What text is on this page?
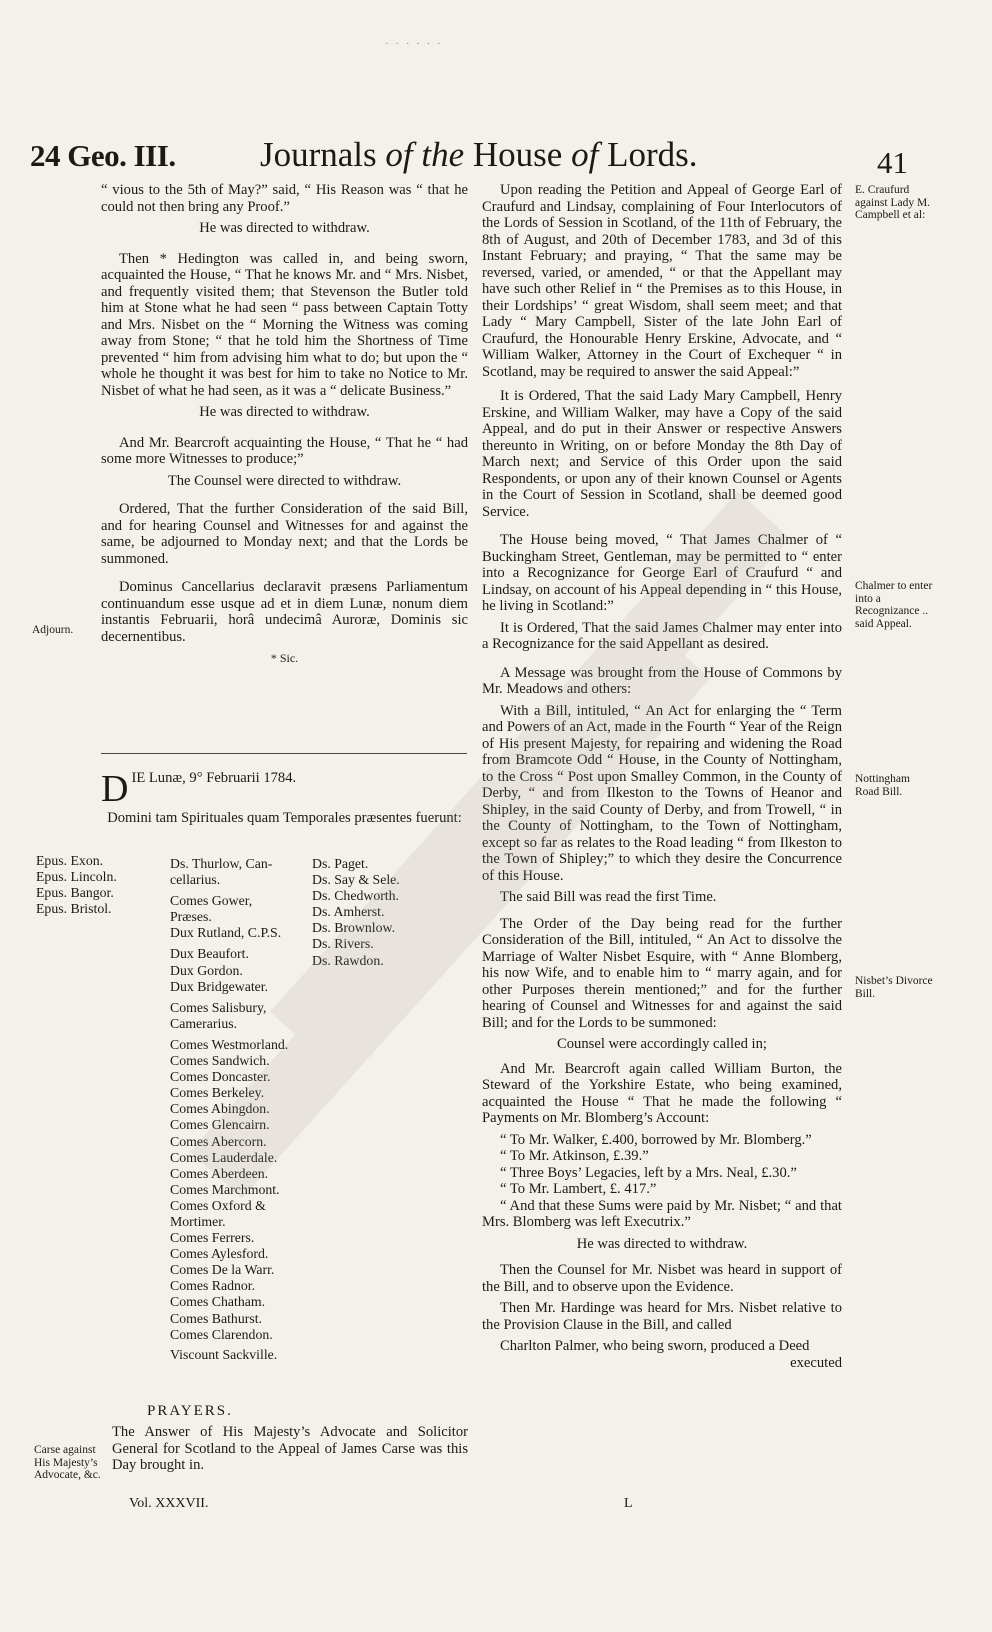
· · · · · ·
24 Geo. III. Journals of the House of Lords.	41

“ vious to the 5th of May?” said, “ His Reason was “ that he could not then bring any Proof.”

He was directed to withdraw.

Then * Hedington was called in, and being sworn, acquainted the House, “ That he knows Mr. and “ Mrs. Nisbet, and frequently visited them; that Stevenson the Butler told him at Stone what he had seen “ pass between Captain Totty and Mrs. Nisbet on the “ Morning the Witness was coming away from Stone; “ that he told him the Shortness of Time prevented “ him from advising him what to do; but upon the “ whole he thought it was best for him to take no Notice to Mr. Nisbet of what he had seen, as it was a “ delicate Business.”

He was directed to withdraw.

And Mr. Bearcroft acquainting the House, “ That he “ had some more Witnesses to produce;”

The Counsel were directed to withdraw.

Ordered, That the further Consideration of the said Bill, and for hearing Counsel and Witnesses for and against the same, be adjourned to Monday next; and that the Lords be summoned.

Dominus Cancellarius declaravit præsens Parliamentum continuandum esse usque ad et in diem Lunæ, nonum diem instantis Februarii, horâ undecimâ Auroræ, Dominis sic decernentibus.

* Sic.

Adjourn.
E. Craufurd against Lady M. Campbell et al:
Chalmer to enter into a Recognizance .. said Appeal.
Nottingham Road Bill.
Nisbet’s Divorce Bill.
Carse against His Majesty’s Advocate, &c.
D IE Lunæ, 9° Februarii 1784.
Domini tam Spirituales quam Temporales præsentes fuerunt:
Epus. Exon.
Epus. Lincoln.
Epus. Bangor.
Epus. Bristol.
Ds. Thurlow, Can-
cellarius.
Comes Gower,
Præses.
Dux Rutland, C.P.S.
Dux Beaufort.
Dux Gordon.
Dux Bridgewater.
Comes Salisbury,
Camerarius.
Comes Westmorland.
Comes Sandwich.
Comes Doncaster.
Comes Berkeley.
Comes Abingdon.
Comes Glencairn.
Comes Abercorn.
Comes Lauderdale.
Comes Aberdeen.
Comes Marchmont.
Comes Oxford &
Mortimer.
Comes Ferrers.
Comes Aylesford.
Comes De la Warr.
Comes Radnor.
Comes Chatham.
Comes Bathurst.
Comes Clarendon.
Viscount Sackville.
Ds. Paget.
Ds. Say & Sele.
Ds. Chedworth.
Ds. Amherst.
Ds. Brownlow.
Ds. Rivers.
Ds. Rawdon.
PRAYERS.
The Answer of His Majesty’s Advocate and Solicitor General for Scotland to the Appeal of James Carse was this Day brought in.
Vol. XXXVII.

Upon reading the Petition and Appeal of George Earl of Craufurd and Lindsay, complaining of Four Interlocutors of the Lords of Session in Scotland, of the 11th of February, the 8th of August, and 20th of December 1783, and 3d of this Instant February; and praying, “ That the same may be reversed, varied, or amended, “ or that the Appellant may have such other Relief in “ the Premises as to this House, in their Lordships’ “ great Wisdom, shall seem meet; and that Lady “ Mary Campbell, Sister of the late John Earl of Craufurd, the Honourable Henry Erskine, Advocate, and “ William Walker, Attorney in the Court of Exchequer “ in Scotland, may be required to answer the said Appeal:”

It is Ordered, That the said Lady Mary Campbell, Henry Erskine, and William Walker, may have a Copy of the said Appeal, and do put in their Answer or respective Answers thereunto in Writing, on or before Monday the 8th Day of March next; and Service of this Order upon the said Respondents, or upon any of their known Counsel or Agents in the Court of Session in Scotland, shall be deemed good Service.

The House being moved, “ That James Chalmer of “ Buckingham Street, Gentleman, may be permitted to “ enter into a Recognizance for George Earl of Craufurd “ and Lindsay, on account of his Appeal depending in “ this House, he living in Scotland:”

It is Ordered, That the said James Chalmer may enter into a Recognizance for the said Appellant as desired.

A Message was brought from the House of Commons by Mr. Meadows and others:

With a Bill, intituled, “ An Act for enlarging the “ Term and Powers of an Act, made in the Fourth “ Year of the Reign of His present Majesty, for repairing and widening the Road from Bramcote Odd “ House, in the County of Nottingham, to the Cross “ Post upon Smalley Common, in the County of Derby, “ and from Ilkeston to the Towns of Heanor and Shipley, in the said County of Derby, and from Trowell, “ in the County of Nottingham, to the Town of Nottingham, except so far as relates to the Road leading “ from Ilkeston to the Town of Shipley;” to which they desire the Concurrence of this House.

The said Bill was read the first Time.

The Order of the Day being read for the further Consideration of the Bill, intituled, “ An Act to dissolve the Marriage of Walter Nisbet Esquire, with “ Anne Blomberg, his now Wife, and to enable him to “ marry again, and for other Purposes therein mentioned;” and for the further hearing of Counsel and Witnesses for and against the said Bill; and for the Lords to be summoned:

Counsel were accordingly called in;

And Mr. Bearcroft again called William Burton, the Steward of the Yorkshire Estate, who being examined, acquainted the House “ That he made the following “ Payments on Mr. Blomberg’s Account:

“ To Mr. Walker, £.400, borrowed by Mr. Blomberg.”

“ To Mr. Atkinson, £.39.”

“ Three Boys’ Legacies, left by a Mrs. Neal, £.30.”

“ To Mr. Lambert, £. 417.”

“ And that these Sums were paid by Mr. Nisbet; “ and that Mrs. Blomberg was left Executrix.”

He was directed to withdraw.

Then the Counsel for Mr. Nisbet was heard in support of the Bill, and to observe upon the Evidence.

Then Mr. Hardinge was heard for Mrs. Nisbet relative to the Provision Clause in the Bill, and called

Charlton Palmer, who being sworn, produced a Deed

executed

L
